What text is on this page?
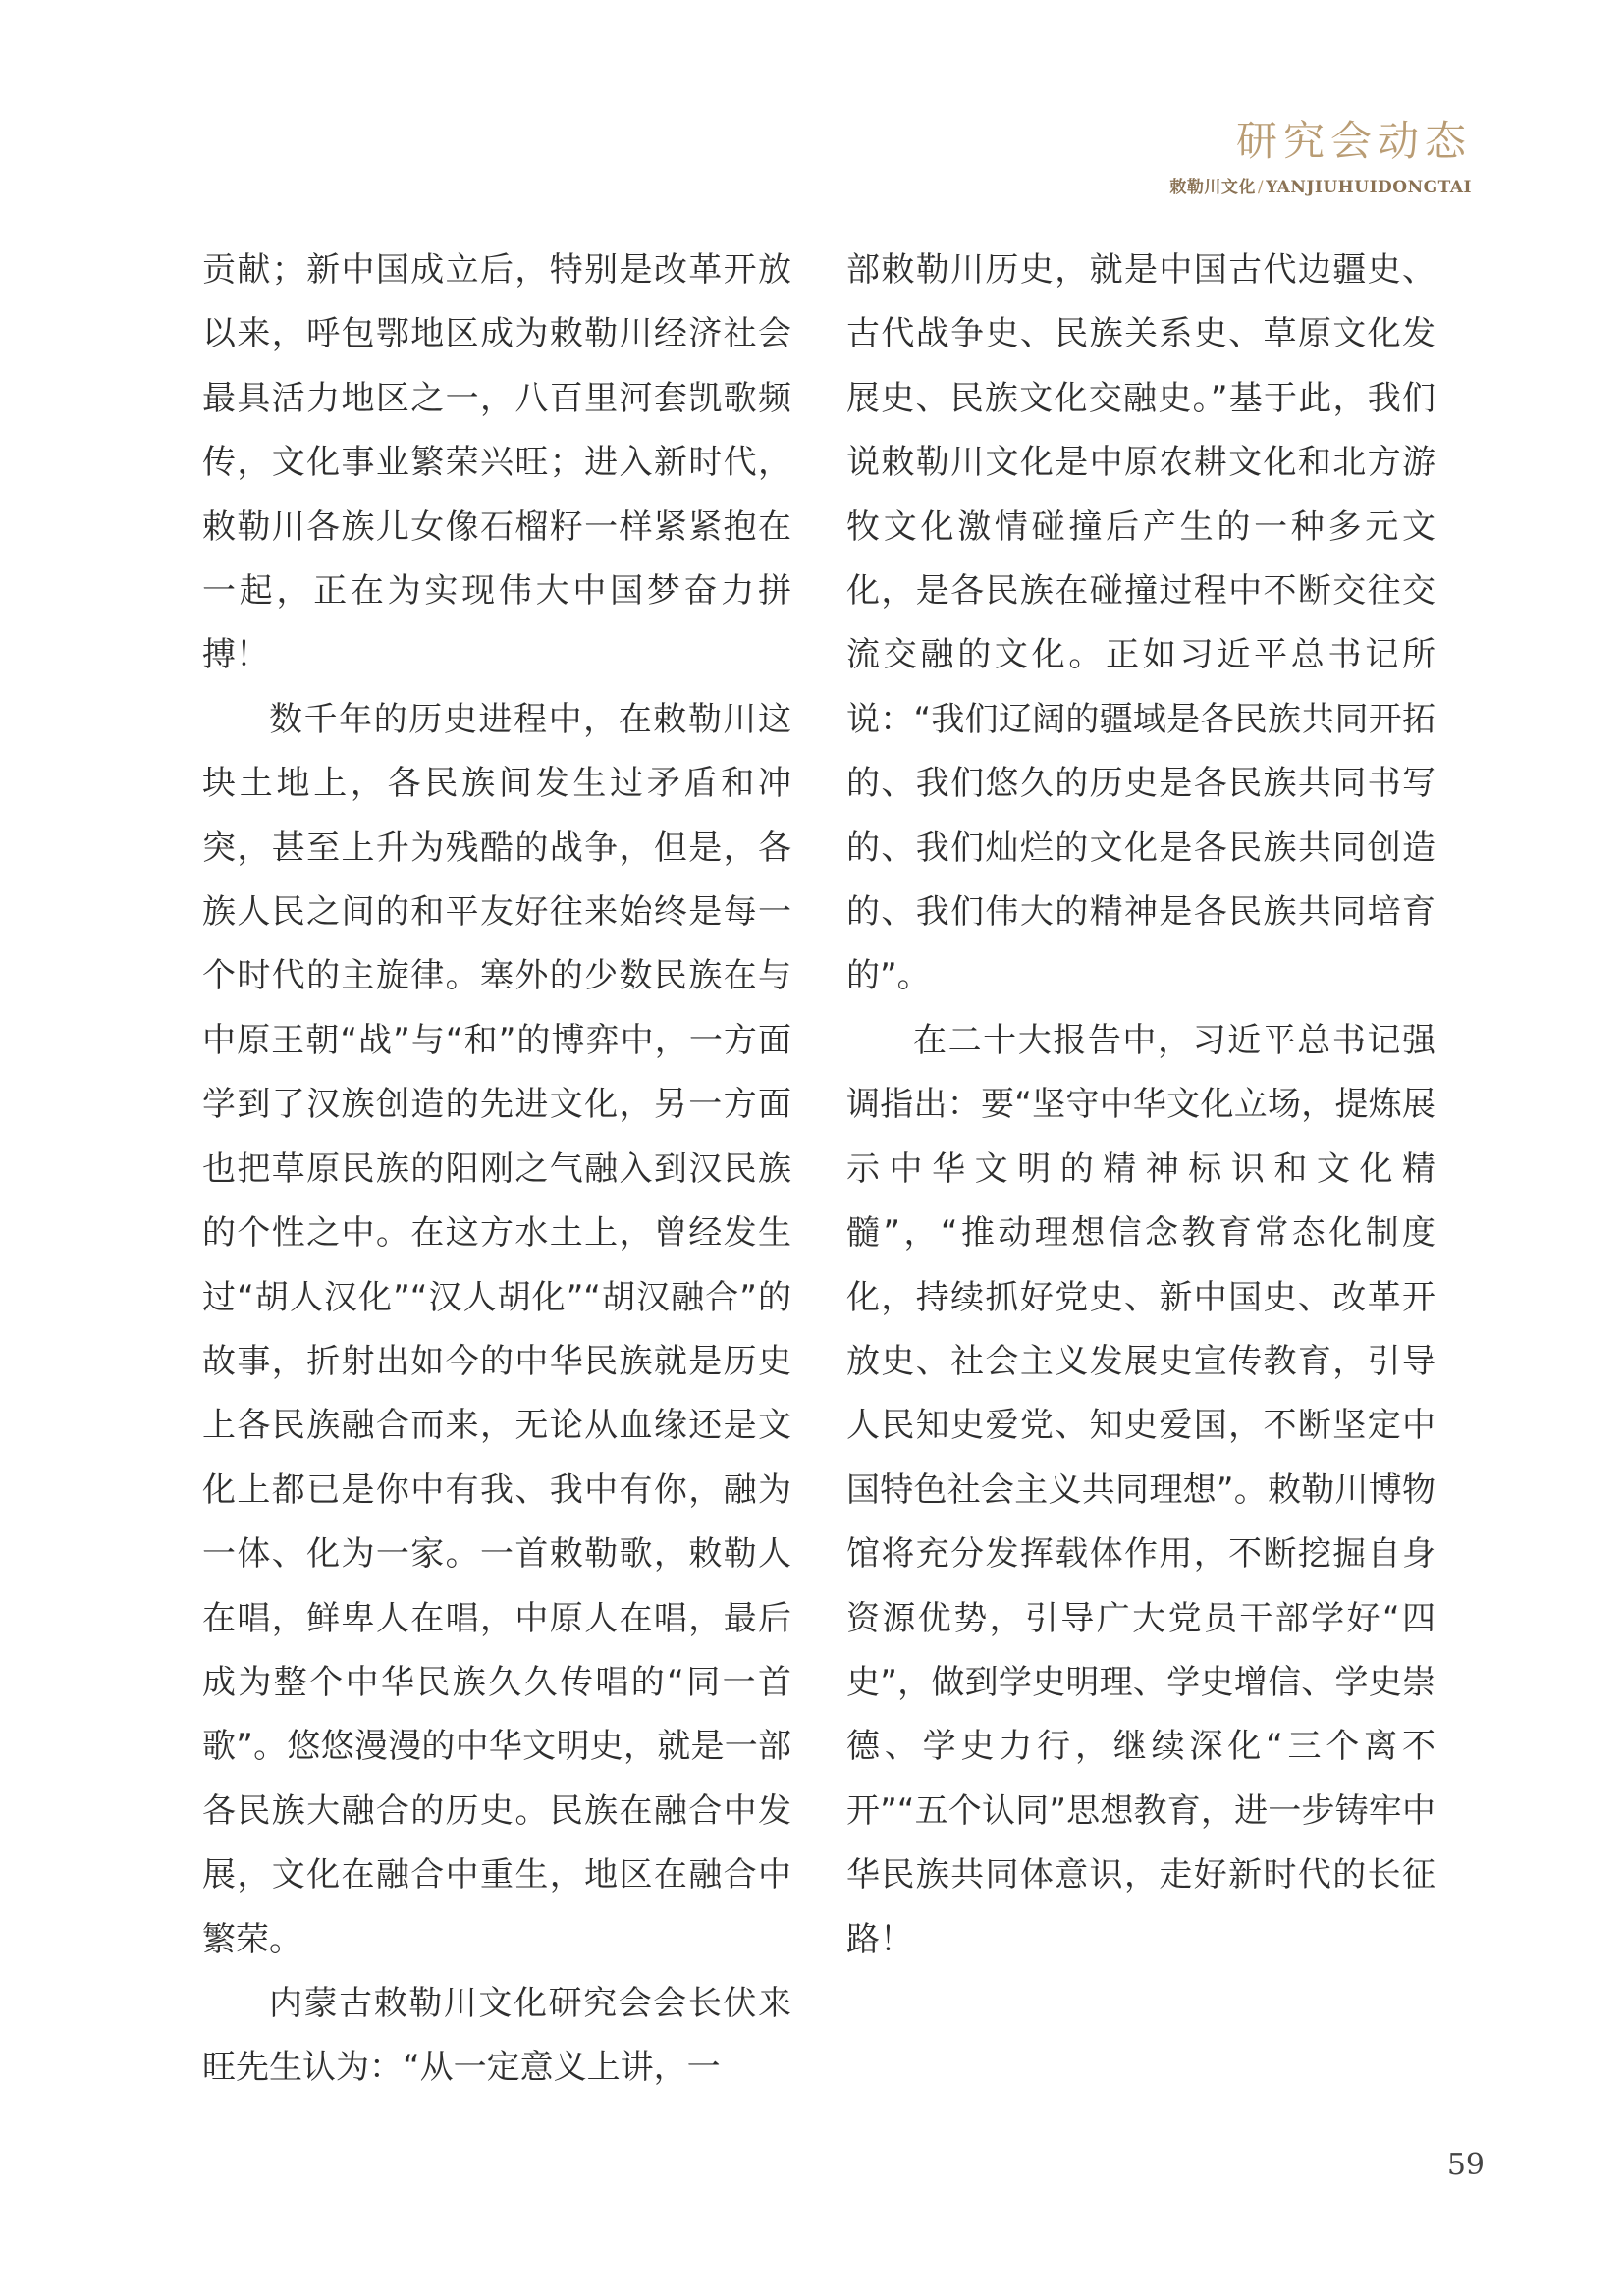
研究会动态
敕勒川文化 / YANJIUHUIDONGTAI

贡献；新中国成立后，特别是改革开放以来，呼包鄂地区成为敕勒川经济社会最具活力地区之一，八百里河套凯歌频传，文化事业繁荣兴旺；进入新时代，敕勒川各族儿女像石榴籽一样紧紧抱在一起，正在为实现伟大中国梦奋力拼搏！

数千年的历史进程中，在敕勒川这块土地上，各民族间发生过矛盾和冲突，甚至上升为残酷的战争，但是，各族人民之间的和平友好往来始终是每一个时代的主旋律。塞外的少数民族在与中原王朝“战”与“和”的博弈中，一方面学到了汉族创造的先进文化，另一方面也把草原民族的阳刚之气融入到汉民族的个性之中。在这方水土上，曾经发生过“胡人汉化”“汉人胡化”“胡汉融合”的故事，折射出如今的中华民族就是历史上各民族融合而来，无论从血缘还是文化上都已是你中有我、我中有你，融为一体、化为一家。一首敕勒歌，敕勒人在唱，鲜卑人在唱，中原人在唱，最后成为整个中华民族久久传唱的“同一首歌”。悠悠漫漫的中华文明史，就是一部各民族大融合的历史。民族在融合中发展，文化在融合中重生，地区在融合中繁荣。

内蒙古敕勒川文化研究会会长伏来旺先生认为：“从一定意义上讲，一

部敕勒川历史，就是中国古代边疆史、古代战争史、民族关系史、草原文化发展史、民族文化交融史。”基于此，我们说敕勒川文化是中原农耕文化和北方游牧文化激情碰撞后产生的一种多元文化，是各民族在碰撞过程中不断交往交流交融的文化。正如习近平总书记所说：“我们辽阔的疆域是各民族共同开拓的、我们悠久的历史是各民族共同书写的、我们灿烂的文化是各民族共同创造的、我们伟大的精神是各民族共同培育的”。

在二十大报告中，习近平总书记强调指出：要“坚守中华文化立场，提炼展示中华文明的精神标识和文化精髓”，“推动理想信念教育常态化制度化，持续抓好党史、新中国史、改革开放史、社会主义发展史宣传教育，引导人民知史爱党、知史爱国，不断坚定中国特色社会主义共同理想”。敕勒川博物馆将充分发挥载体作用，不断挖掘自身资源优势，引导广大党员干部学好“四史”，做到学史明理、学史增信、学史崇德、学史力行，继续深化“三个离不开”“五个认同”思想教育，进一步铸牢中华民族共同体意识，走好新时代的长征路！

59
